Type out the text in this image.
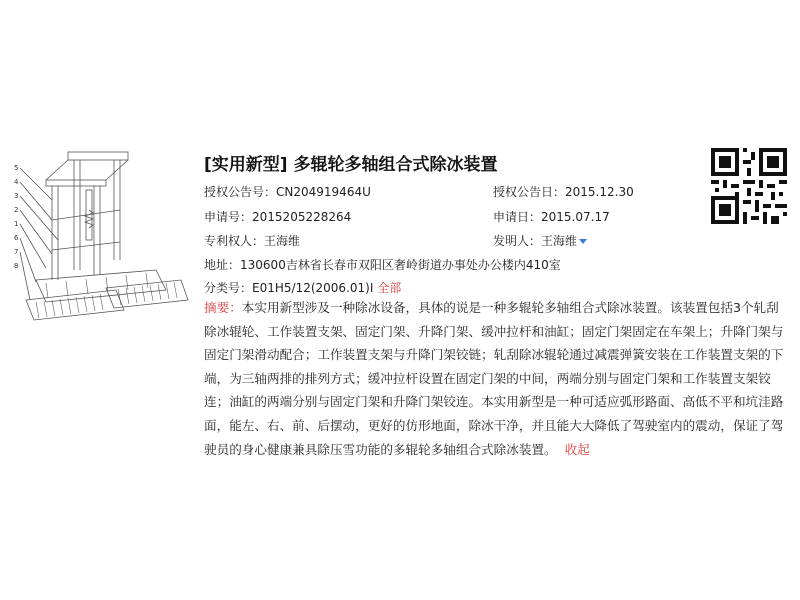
5
4
3
2
1
6
7
8
[实用新型] 多辊轮多轴组合式除冰装置
授权公告号：CN204919464U	授权公告日：2015.12.30
申请号：2015205228264	申请日：2015.07.17
专利权人：王海维	发明人：王海维
地址：130600吉林省长春市双阳区奢岭街道办事处办公楼内410室
分类号：E01H5/12(2006.01)I 全部
摘要：本实用新型涉及一种除冰设备，具体的说是一种多辊轮多轴组合式除冰装置。该装置包括3个轧刮除冰辊轮、工作装置支架、固定门架、升降门架、缓冲拉杆和油缸；固定门架固定在车架上；升降门架与固定门架滑动配合；工作装置支架与升降门架铰链；轧刮除冰辊轮通过减震弹簧安装在工作装置支架的下端，为三轴两排的排列方式；缓冲拉杆设置在固定门架的中间，两端分别与固定门架和工作装置支架铰连；油缸的两端分别与固定门架和升降门架铰连。本实用新型是一种可适应弧形路面、高低不平和坑洼路面，能左、右、前、后摆动，更好的仿形地面，除冰干净，并且能大大降低了驾驶室内的震动，保证了驾驶员的身心健康兼具除压雪功能的多辊轮多轴组合式除冰装置。 收起
